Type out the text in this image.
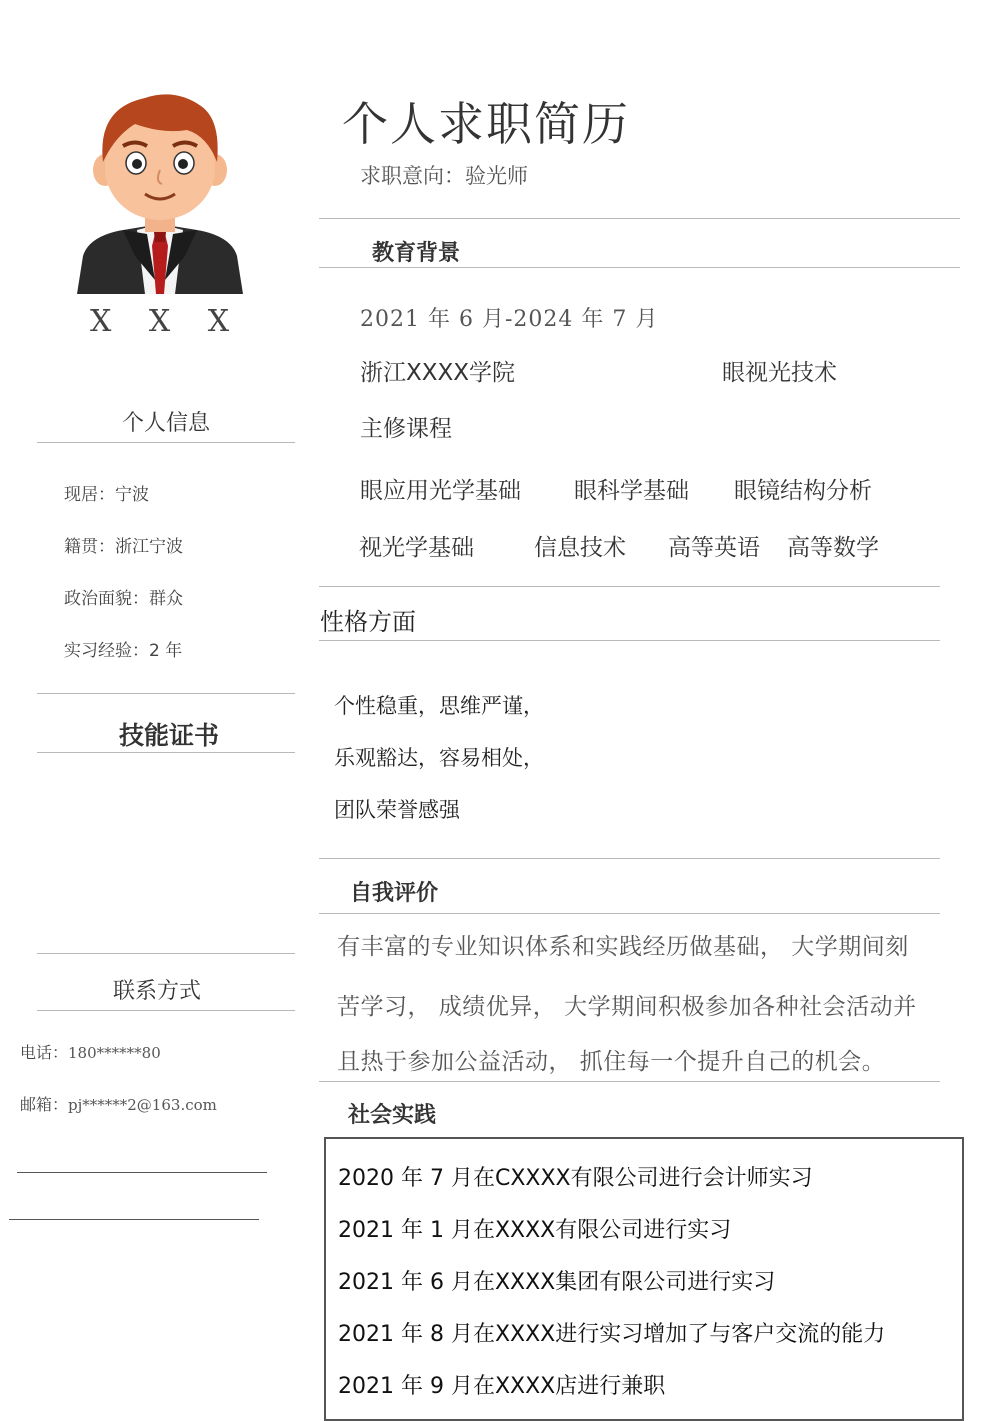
X X X
个人信息
现居：宁波
籍贯：浙江宁波
政治面貌：群众
实习经验：2 年
技能证书
联系方式
电话：180******80
邮箱：pj******2@163.com
个人求职简历
求职意向：验光师
教育背景
2021 年 6 月-2024 年 7 月
浙江XXXX学院	眼视光技术
主修课程
眼应用光学基础 眼科学基础 眼镜结构分析
视光学基础	信息技术 高等英语 高等数学
性格方面
个性稳重，思维严谨，
乐观豁达，容易相处，
团队荣誉感强
自我评价
有丰富的专业知识体系和实践经历做基础， 大学期间刻
苦学习， 成绩优异， 大学期间积极参加各种社会活动并
且热于参加公益活动， 抓住每一个提升自己的机会。
社会实践
2020 年 7 月在CXXXX有限公司进行会计师实习
2021 年 1 月在XXXX有限公司进行实习
2021 年 6 月在XXXX集团有限公司进行实习
2021 年 8 月在XXXX进行实习增加了与客户交流的能力
2021 年 9 月在XXXX店进行兼职
